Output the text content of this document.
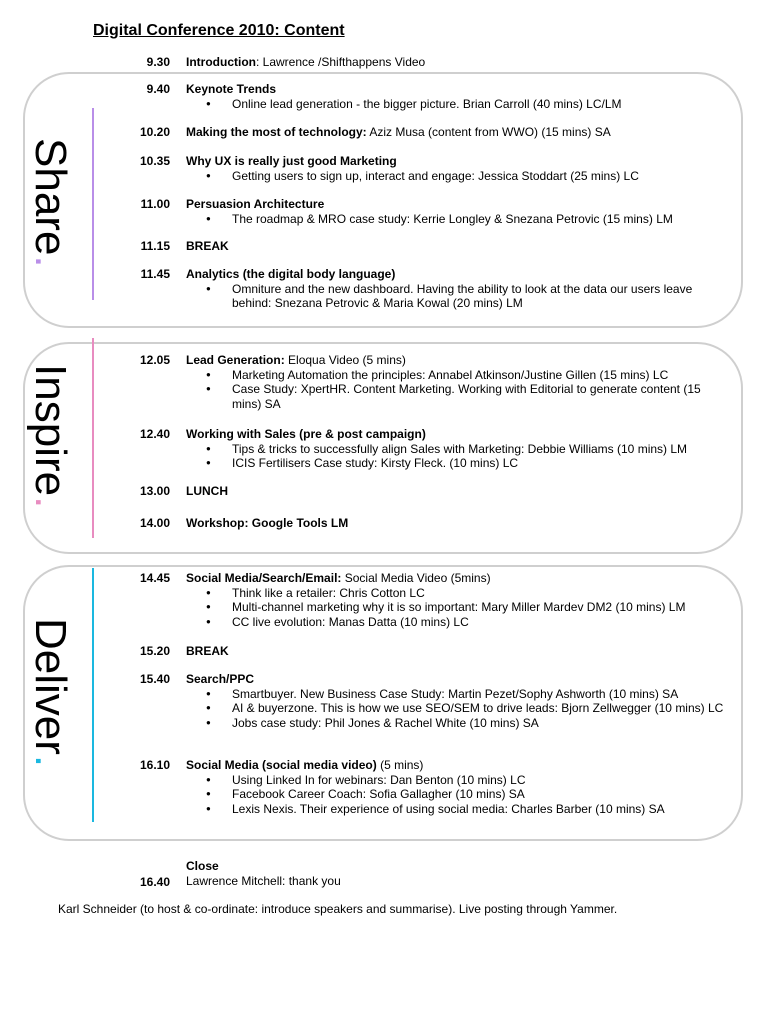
Digital Conference 2010: Content
Share.
Inspire.
Deliver.
9.30 Introduction: Lawrence /Shifthappens Video
9.40 Keynote Trends
● Online lead generation - the bigger picture. Brian Carroll (40 mins) LC/LM
10.20 Making the most of technology: Aziz Musa (content from WWO) (15 mins) SA
10.35 Why UX is really just good Marketing
● Getting users to sign up, interact and engage: Jessica Stoddart (25 mins) LC
11.00 Persuasion Architecture
● The roadmap & MRO case study: Kerrie Longley & Snezana Petrovic (15 mins) LM
11.15 BREAK
11.45 Analytics (the digital body language)
● Omniture and the new dashboard. Having the ability to look at the data our users leave behind: Snezana Petrovic & Maria Kowal (20 mins) LM
12.05 Lead Generation: Eloqua Video (5 mins)
● Marketing Automation the principles: Annabel Atkinson/Justine Gillen (15 mins) LC
● Case Study: XpertHR. Content Marketing. Working with Editorial to generate content (15 mins) SA
12.40 Working with Sales (pre & post campaign)
● Tips & tricks to successfully align Sales with Marketing: Debbie Williams (10 mins) LM
● ICIS Fertilisers Case study: Kirsty Fleck. (10 mins) LC
13.00 LUNCH
14.00 Workshop: Google Tools LM
14.45 Social Media/Search/Email: Social Media Video (5mins)
● Think like a retailer: Chris Cotton LC
● Multi-channel marketing why it is so important: Mary Miller Mardev DM2 (10 mins) LM
● CC live evolution: Manas Datta (10 mins) LC
15.20 BREAK
15.40 Search/PPC
● Smartbuyer. New Business Case Study: Martin Pezet/Sophy Ashworth (10 mins) SA
● AI & buyerzone. This is how we use SEO/SEM to drive leads: Bjorn Zellwegger (10 mins) LC
● Jobs case study: Phil Jones & Rachel White (10 mins) SA
16.10 Social Media (social media video) (5 mins)
● Using Linked In for webinars: Dan Benton (10 mins) LC
● Facebook Career Coach: Sofia Gallagher (10 mins) SA
● Lexis Nexis. Their experience of using social media: Charles Barber (10 mins) SA
Close
Lawrence Mitchell: thank you
16.40
Karl Schneider (to host & co-ordinate: introduce speakers and summarise). Live posting through Yammer.
